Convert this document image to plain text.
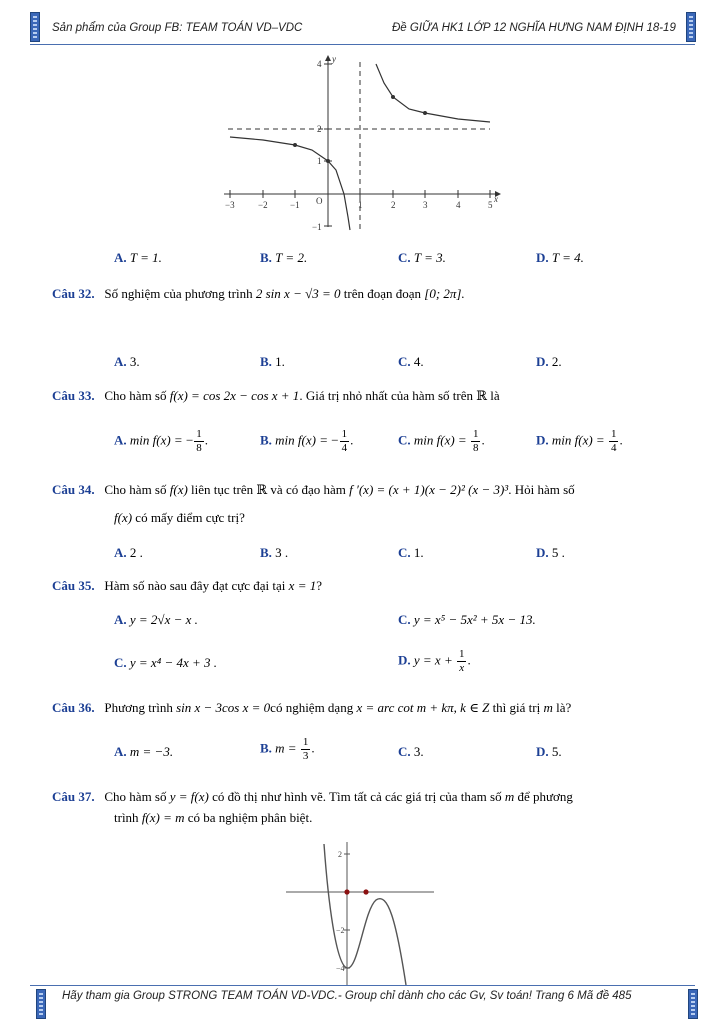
Sản phẩm của Group FB: TEAM TOÁN VD–VDC	Đề GIỮA HK1 LỚP 12 NGHĨA HƯNG NAM ĐỊNH 18-19
−3	−2 −1	1	2	3	4	5
4
2
1
−1
O	x
y
A. T = 1.	B. T = 2.	C. T = 3.	D. T = 4.
Câu 32. Số nghiệm của phương trình 2 sin x − √3 = 0 trên đoạn đoạn [0; 2π].
A. 3.	B. 1.	C. 4.	D. 2.
Câu 33. Cho hàm số f(x) = cos 2x − cos x + 1. Giá trị nhỏ nhất của hàm số trên ℝ là
A. min f(x) = − $\frac{1}{8}$ .	B. min f(x) = − $\frac{1}{4}$ .	C. $\min f(x) = \frac{1}{8}$ .	D. $\min f(x) = \frac{1}{4}$ .
Câu 34. Cho hàm số f(x) liên tục trên ℝ và có đạo hàm f ′(x) = (x + 1)(x − 2)² (x − 3)³. Hỏi hàm số
f(x) có mấy điểm cực trị?
A. 2 .	B. 3 .	C. 1.	D. 5 .
Câu 35. Hàm số nào sau đây đạt cực đại tại x = 1?
A. y = 2√x − x .	C. y = x⁵ − 5x² + 5x − 13.
C. y = x⁴ − 4x + 3 .	D. $y = x + \frac{1}{x}$ .
Câu 36. Phương trình sin x − 3cos x = 0có nghiệm dạng x = arc cot m + kπ, k ∈ Z thì giá trị m là?
A. m = −3.	B. $m = \frac{1}{3}$ .	C. 3.	D. 5.
Câu 37. Cho hàm số y = f(x) có đồ thị như hình vẽ. Tìm tất cả các giá trị của tham số m để phương
trình f(x) = m có ba nghiệm phân biệt.
2
−2
−4
Hãy tham gia Group STRONG TEAM TOÁN VD-VDC.- Group chỉ dành cho các Gv, Sv toán! Trang 6 Mã đề 485
